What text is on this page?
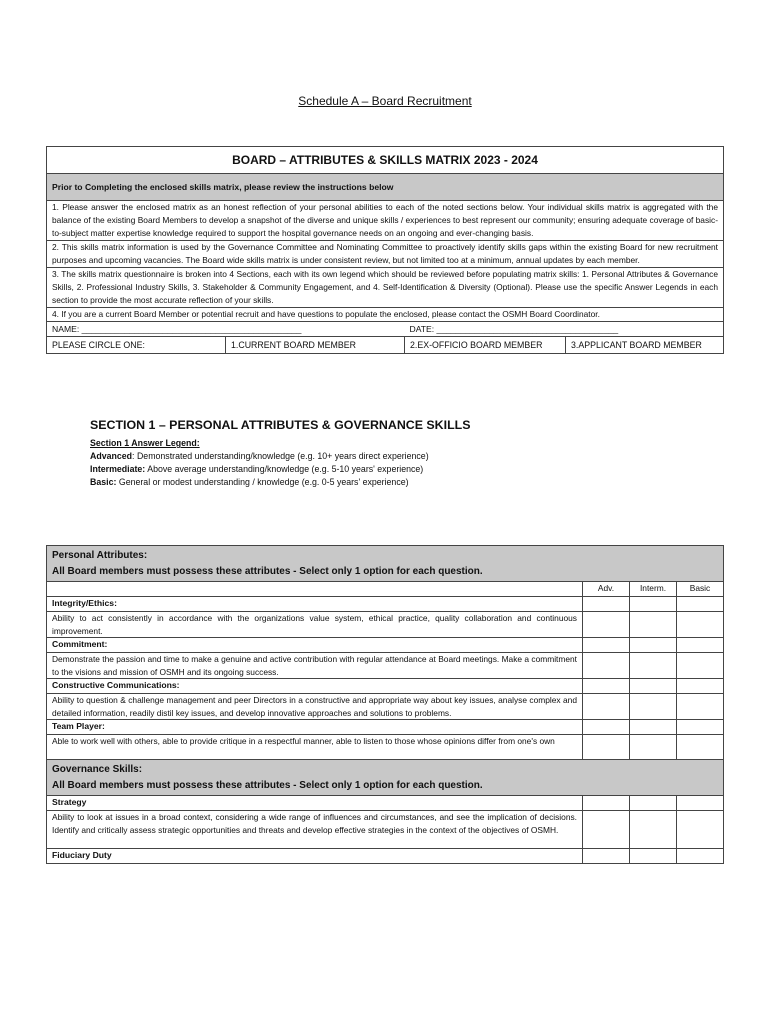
Schedule A – Board Recruitment
BOARD – ATTRIBUTES & SKILLS MATRIX 2023 - 2024			
Prior to Completing the enclosed skills matrix, please review the instructions below			
1. Please answer the enclosed matrix as an honest reflection of your personal abilities to each of the noted sections below. Your individual skills matrix is aggregated with the balance of the existing Board Members to develop a snapshot of the diverse and unique skills / experiences to best represent our community; ensuring adequate coverage of basic-to-subject matter expertise knowledge required to support the hospital governance needs on an ongoing and ever-changing basis.			
2. This skills matrix information is used by the Governance Committee and Nominating Committee to proactively identify skills gaps within the existing Board for new recruitment purposes and upcoming vacancies. The Board wide skills matrix is under consistent review, but not limited too at a minimum, annual updates by each member.			
3. The skills matrix questionnaire is broken into 4 Sections, each with its own legend which should be reviewed before populating matrix skills: 1. Personal Attributes & Governance Skills, 2. Professional Industry Skills, 3. Stakeholder & Community Engagement, and 4. Self-Identification & Diversity (Optional). Please use the specific Answer Legends in each section to provide the most accurate reflection of your skills.			
4. If you are a current Board Member or potential recruit and have questions to populate the enclosed, please contact the OSMH Board Coordinator.			
NAME: ______________________________________________		DATE: ______________________________________	
PLEASE CIRCLE ONE:	1.CURRENT BOARD MEMBER	2.EX-OFFICIO BOARD MEMBER	3.APPLICANT BOARD MEMBER
SECTION 1 – PERSONAL ATTRIBUTES & GOVERNANCE SKILLS
Section 1 Answer Legend:
Advanced: Demonstrated understanding/knowledge (e.g. 10+ years direct experience)
Intermediate: Above average understanding/knowledge (e.g. 5-10 years' experience)
Basic: General or modest understanding / knowledge (e.g. 0-5 years' experience)
Personal Attributes:
All Board members must possess these attributes - Select only 1 option for each question.			

	Adv.	Interm.	Basic
Integrity/Ethics:			
Ability to act consistently in accordance with the organizations value system, ethical practice, quality collaboration and continuous improvement.			
Commitment:			
Demonstrate the passion and time to make a genuine and active contribution with regular attendance at Board meetings. Make a commitment to the visions and mission of OSMH and its ongoing success.			
Constructive Communications:			
Ability to question & challenge management and peer Directors in a constructive and appropriate way about key issues, analyse complex and detailed information, readily distil key issues, and develop innovative approaches and solutions to problems.			
Team Player:			
Able to work well with others, able to provide critique in a respectful manner, able to listen to those whose opinions differ from one's own			

Governance Skills:
All Board members must possess these attributes - Select only 1 option for each question.			

Strategy			
Ability to look at issues in a broad context, considering a wide range of influences and circumstances, and see the implication of decisions. Identify and critically assess strategic opportunities and threats and develop effective strategies in the context of the objectives of OSMH.			
Fiduciary Duty			
